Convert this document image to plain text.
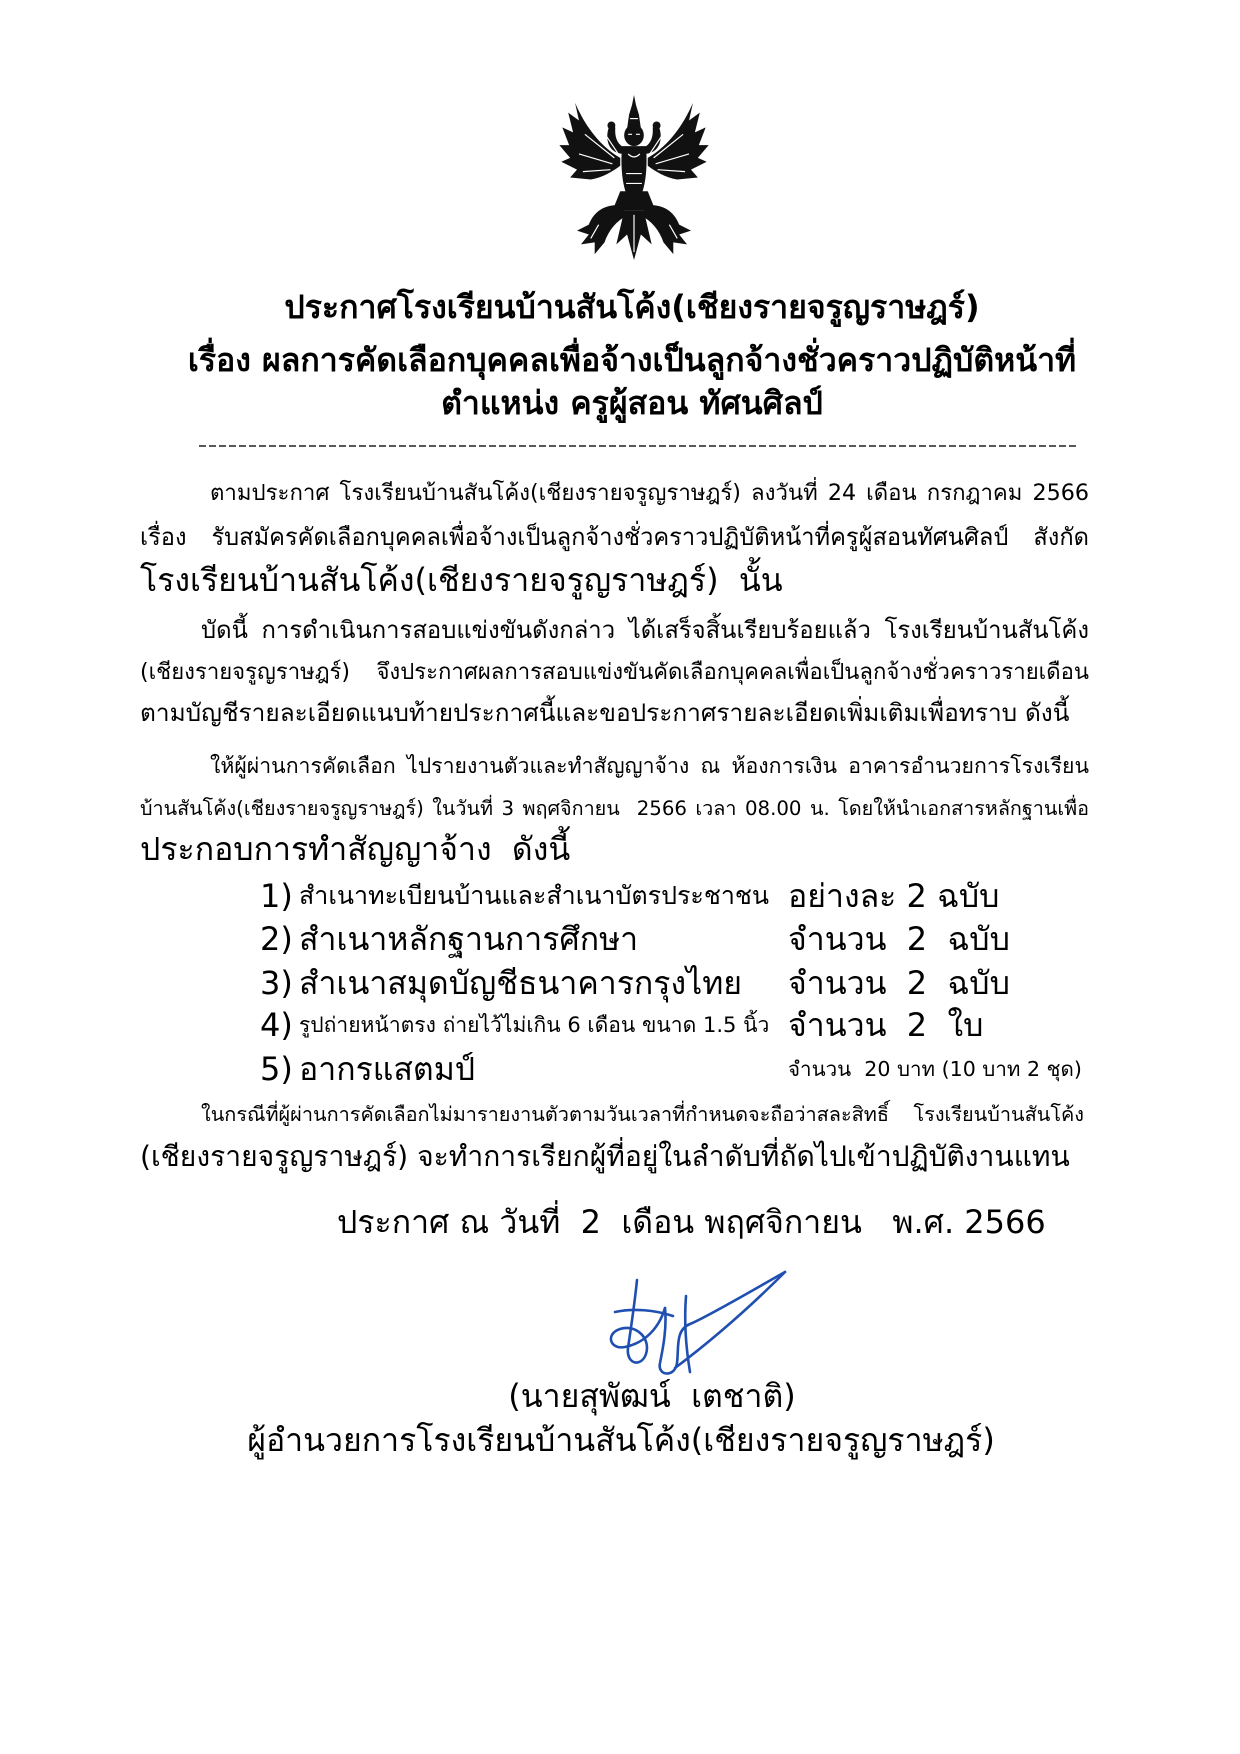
ประกาศโรงเรียนบ้านสันโค้ง(เชียงรายจรูญราษฎร์)
เรื่อง ผลการคัดเลือกบุคคลเพื่อจ้างเป็นลูกจ้างชั่วคราวปฏิบัติหน้าที่
ตำแหน่ง ครูผู้สอน ทัศนศิลป์
ตามประกาศ โรงเรียนบ้านสันโค้ง(เชียงรายจรูญราษฎร์) ลงวันที่ 24 เดือน กรกฎาคม 2566
เรื่อง  รับสมัครคัดเลือกบุคคลเพื่อจ้างเป็นลูกจ้างชั่วคราวปฏิบัติหน้าที่ครูผู้สอนทัศนศิลป์  สังกัด
โรงเรียนบ้านสันโค้ง(เชียงรายจรูญราษฎร์)  นั้น
บัดนี้ การดำเนินการสอบแข่งขันดังกล่าว ได้เสร็จสิ้นเรียบร้อยแล้ว โรงเรียนบ้านสันโค้ง
(เชียงรายจรูญราษฎร์) จึงประกาศผลการสอบแข่งขันคัดเลือกบุคคลเพื่อเป็นลูกจ้างชั่วคราวรายเดือน
ตามบัญชีรายละเอียดแนบท้ายประกาศนี้และขอประกาศรายละเอียดเพิ่มเติมเพื่อทราบ ดังนี้
ให้ผู้ผ่านการคัดเลือก ไปรายงานตัวและทำสัญญาจ้าง ณ ห้องการเงิน อาคารอำนวยการโรงเรียน
บ้านสันโค้ง(เชียงรายจรูญราษฎร์) ในวันที่ 3 พฤศจิกายน  2566 เวลา 08.00 น. โดยให้นำเอกสารหลักฐานเพื่อ
ประกอบการทำสัญญาจ้าง  ดังนี้
1) สำเนาทะเบียนบ้านและสำเนาบัตรประชาชน อย่างละ 2 ฉบับ
2) สำเนาหลักฐานการศึกษา	จำนวน  2  ฉบับ
3) สำเนาสมุดบัญชีธนาคารกรุงไทย	จำนวน  2  ฉบับ
4) รูปถ่ายหน้าตรง ถ่ายไว้ไม่เกิน 6 เดือน ขนาด 1.5 นิ้ว จำนวน  2  ใบ
5) อากรแสตมป์	จำนวน  20 บาท (10 บาท 2 ชุด)
ในกรณีที่ผู้ผ่านการคัดเลือกไม่มารายงานตัวตามวันเวลาที่กำหนดจะถือว่าสละสิทธิ์ โรงเรียนบ้านสันโค้ง
(เชียงรายจรูญราษฎร์) จะทำการเรียกผู้ที่อยู่ในลำดับที่ถัดไปเข้าปฏิบัติงานแทน
ประกาศ ณ วันที่  2  เดือน พฤศจิกายน   พ.ศ. 2566
(นายสุพัฒน์  เตชาติ)
ผู้อำนวยการโรงเรียนบ้านสันโค้ง(เชียงรายจรูญราษฎร์)
